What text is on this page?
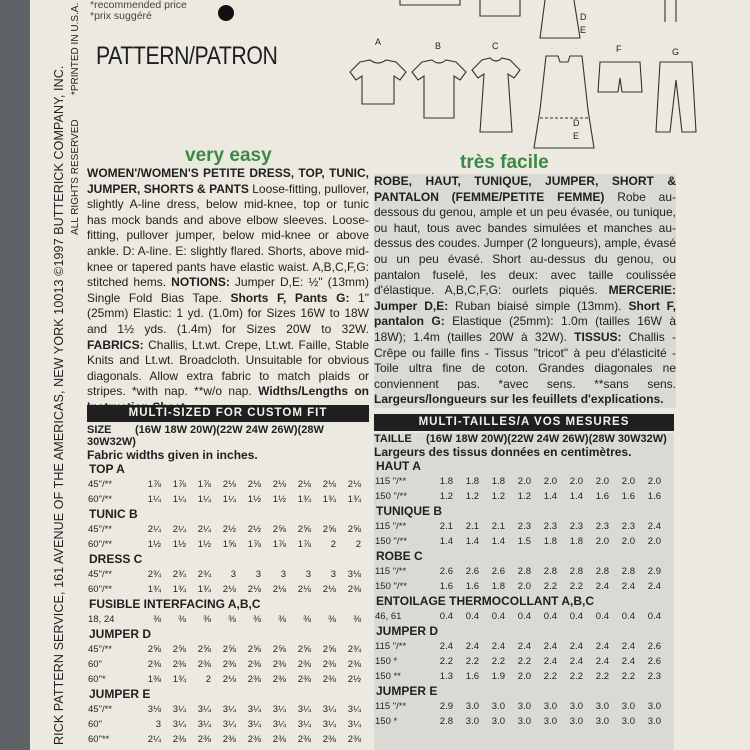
RICK PATTERN SERVICE, 161 AVENUE OF THE AMERICAS, NEW YORK 10013 ©1997 BUTTERICK COMPANY, INC.
*PRINTED IN U.S.A.
ALL RIGHTS RESERVED
*recommended price
*prix suggéré
PATTERN/PATRON	A	B	C
D
E
F	G
D
E
very easy
WOMEN'/WOMEN'S PETITE DRESS, TOP, TUNIC, JUMPER, SHORTS & PANTS Loose-fitting, pullover, slightly A-line dress, below mid-knee, top or tunic has mock bands and above elbow sleeves. Loose-fitting, pullover jumper, below mid-knee or above ankle. D: A-line. E: slightly flared. Shorts, above mid-knee or tapered pants have elastic waist. A,B,C,F,G: stitched hems. NOTIONS: Jumper D,E: ½" (13mm) Single Fold Bias Tape. Shorts F, Pants G: 1" (25mm) Elastic: 1 yd. (1.0m) for Sizes 16W to 18W and 1½ yds. (1.4m) for Sizes 20W to 32W. FABRICS: Challis, Lt.wt. Crepe, Lt.wt. Faille, Stable Knits and Lt.wt. Broadcloth. Unsuitable for obvious diagonals. Allow extra fabric to match plaids or stripes. *with nap. **w/o nap. Widths/Lengths on
MULTI-SIZED FOR CUSTOM FIT
SIZE (16W 18W 20W)(22W 24W 26W)(28W 30W32W)
Fabric widths given in inches.
TOP A
45"/**	1⅞	1⅞	1⅞	2⅛	2⅛	2⅛	2⅛	2⅛	2⅛
60"/**	1¼	1¼	1¼	1¼	1½	1½	1¾	1¾	1¾
TUNIC B
45"/**	2¼	2¼	2¼	2½	2½	2⅝	2⅝	2⅝	2⅝
60"/**	1½	1½	1½	1⅝	1⅞	1⅞	1⅞	2	2
DRESS C
45"/**	2¾	2¾	2¾	3	3	3	3	3	3⅛
60"/**	1¾	1¾	1¾	2⅛	2⅛	2⅛	2⅛	2⅛	2⅜
FUSIBLE INTERFACING A,B,C
18, 24	⅜	⅜	⅜	⅜	⅜	⅜	⅜	⅜	⅜
JUMPER D
45"/**	2⅝	2⅝	2⅝	2⅝	2⅝	2⅝	2⅝	2⅝	2¾
60"	2⅜	2⅜	2⅜	2⅜	2⅜	2⅜	2⅜	2⅜	2⅜
60"*	1⅜	1¾	2	2⅛	2⅜	2⅜	2⅜	2⅜	2½
JUMPER E
45"/**	3⅛	3¼	3¼	3¼	3¼	3¼	3¼	3¼	3¼
60"	3	3¼	3¼	3¼	3¼	3¼	3¼	3¼	3¼
60"**	2¼	2⅜	2⅜	2⅜	2⅜	2⅜	2⅜	2⅜	2⅜
très facile
ROBE, HAUT, TUNIQUE, JUMPER, SHORT & PANTALON (FEMME/PETITE FEMME) Robe au-dessous du genou, ample et un peu évasée, ou tunique, ou haut, tous avec bandes simulées et manches au-dessus des coudes. Jumper (2 longueurs), ample, évasé ou un peu évasé. Short au-dessus du genou, ou pantalon fuselé, les deux: avec taille coulissée d'élastique. A,B,C,F,G: ourlets piqués. MERCERIE: Jumper D,E: Ruban biaisé simple (13mm). Short F, pantalon G: Elastique (25mm): 1.0m (tailles 16W à 18W); 1.4m (tailles 20W à 32W). TISSUS: Challis - Crêpe ou faille fins - Tissus "tricot" à peu d'élasticité - Toile ultra fine de coton. Grandes diagonales ne conviennent pas. *avec sens. **sans sens. Largeurs/longueurs sur les feuillets d'explications.
MULTI-TAILLES/A VOS MESURES
TAILLE (16W 18W 20W)(22W 24W 26W)(28W 30W32W)
Largeurs des tissus données en centimètres.
HAUT A
115 "/**	1.8	1.8	1.8	2.0	2.0	2.0	2.0	2.0	2.0
150 "/**	1.2	1.2	1.2	1.2	1.4	1.4	1.6	1.6	1.6
TUNIQUE B
115 "/**	2.1	2.1	2.1	2.3	2.3	2.3	2.3	2.3	2.4
150 "/**	1.4	1.4	1.4	1.5	1.8	1.8	2.0	2.0	2.0
ROBE C
115 "/**	2.6	2.6	2.6	2.8	2.8	2.8	2.8	2.8	2.9
150 "/**	1.6	1.6	1.8	2.0	2.2	2.2	2.4	2.4	2.4
ENTOILAGE THERMOCOLLANT A,B,C
46, 61	0.4	0.4	0.4	0.4	0.4	0.4	0.4	0.4	0.4
JUMPER D
115 "/**	2.4	2.4	2.4	2.4	2.4	2.4	2.4	2.4	2.6
150 *	2.2	2.2	2.2	2.2	2.4	2.4	2.4	2.4	2.6
150 **	1.3	1.6	1.9	2.0	2.2	2.2	2.2	2.2	2.3
JUMPER E
115 "/**	2.9	3.0	3.0	3.0	3.0	3.0	3.0	3.0	3.0
150 *	2.8	3.0	3.0	3.0	3.0	3.0	3.0	3.0	3.0
